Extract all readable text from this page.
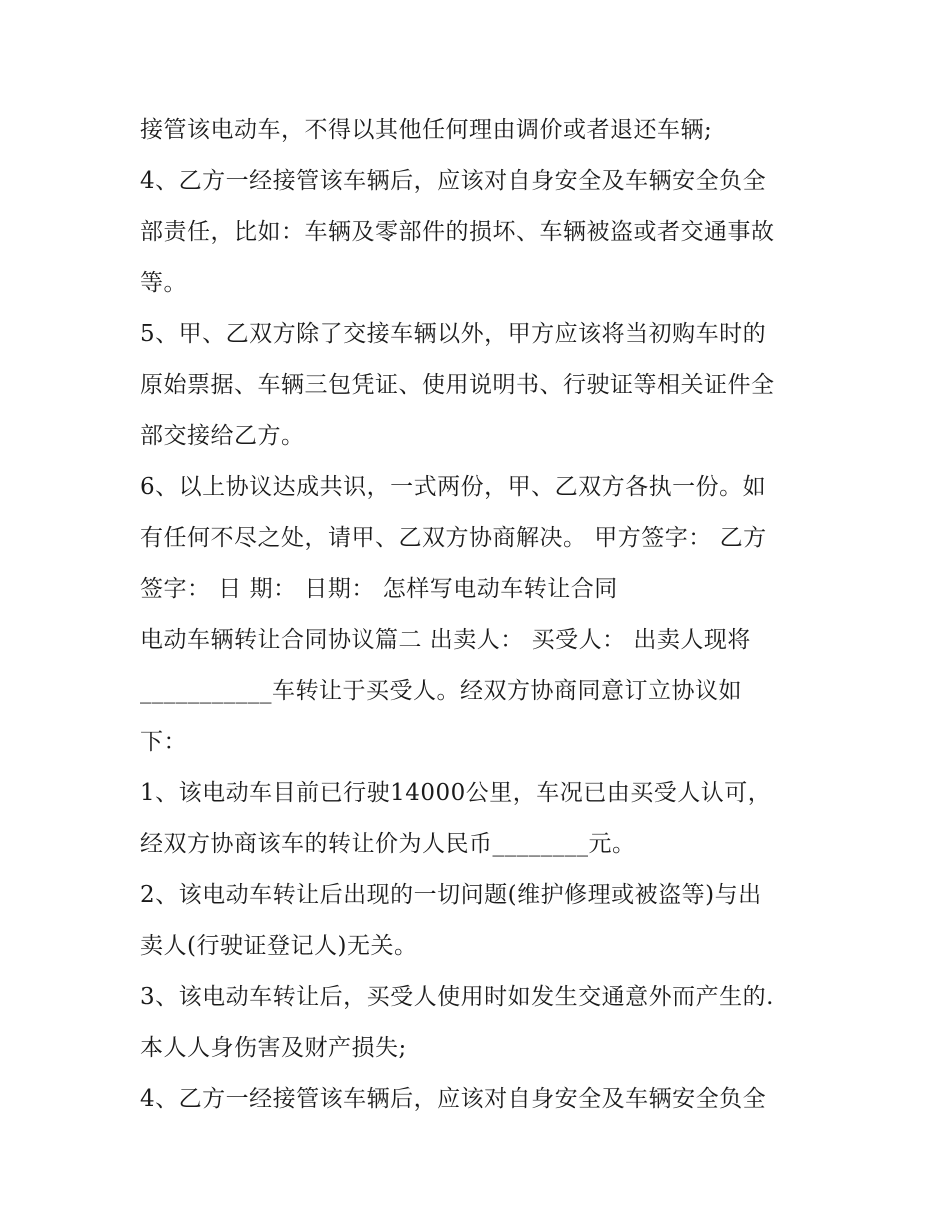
接管该电动车，不得以其他任何理由调价或者退还车辆;
4、乙方一经接管该车辆后，应该对自身安全及车辆安全负全
部责任，比如：车辆及零部件的损坏、车辆被盗或者交通事故
等。
5、甲、乙双方除了交接车辆以外，甲方应该将当初购车时的
原始票据、车辆三包凭证、使用说明书、行驶证等相关证件全
部交接给乙方。
6、以上协议达成共识，一式两份，甲、乙双方各执一份。如
有任何不尽之处，请甲、乙双方协商解决。 甲方签字： 乙方
签字： 日 期： 日期： 怎样写电动车转让合同
电动车辆转让合同协议篇二 出卖人： 买受人： 出卖人现将
___________车转让于买受人。经双方协商同意订立协议如
下：
1、该电动车目前已行驶14000公里，车况已由买受人认可，
经双方协商该车的转让价为人民币________元。
2、该电动车转让后出现的一切问题(维护修理或被盗等)与出
卖人(行驶证登记人)无关。
3、该电动车转让后，买受人使用时如发生交通意外而产生的.
本人人身伤害及财产损失;
4、乙方一经接管该车辆后，应该对自身安全及车辆安全负全
